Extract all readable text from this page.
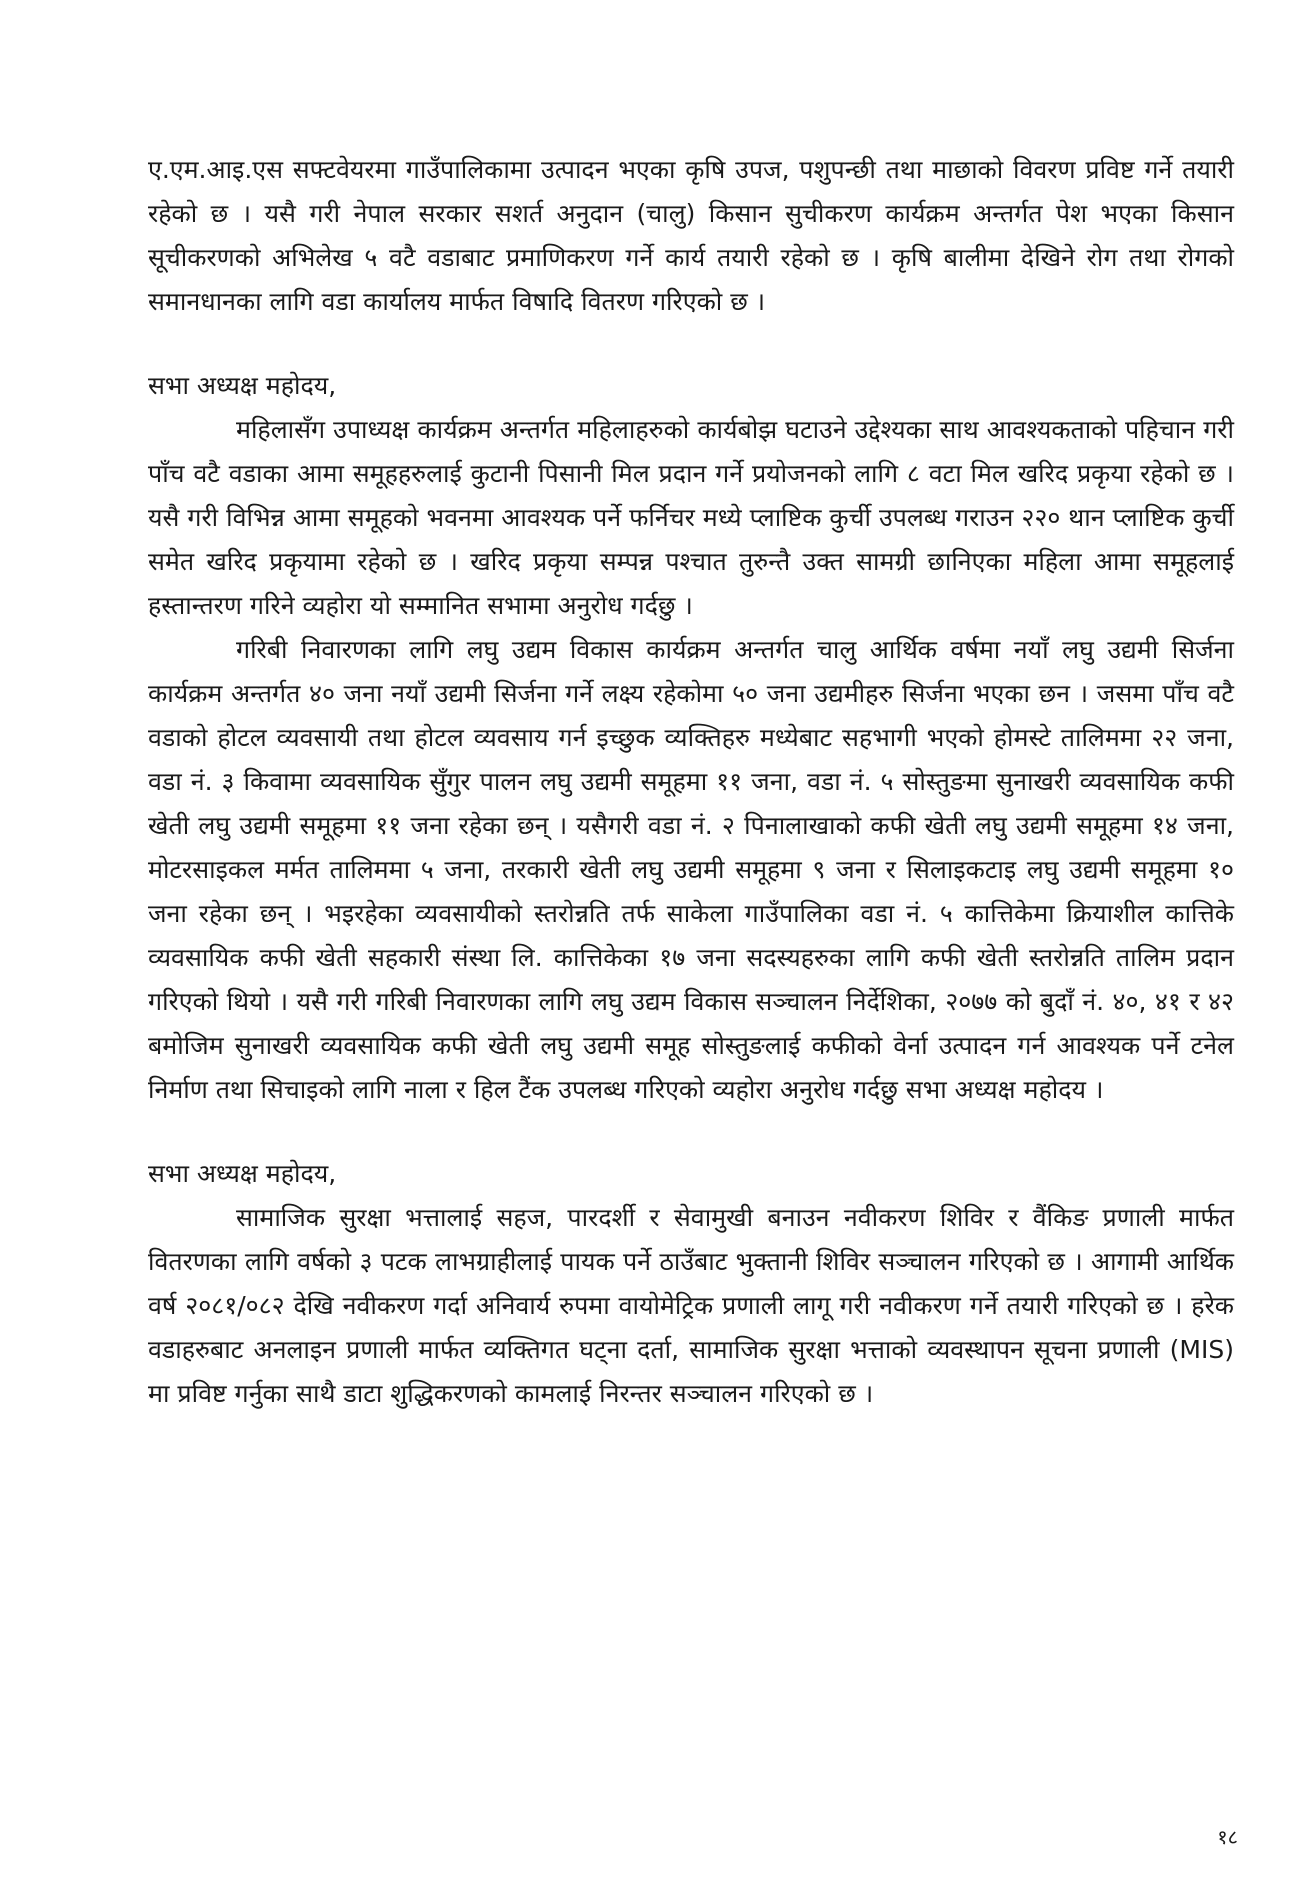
ए.एम.आइ.एस सफ्टवेयरमा गाउँपालिकामा उत्पादन भएका कृषि उपज, पशुपन्छी तथा माछाको विवरण प्रविष्ट गर्ने तयारी रहेको छ । यसै गरी नेपाल सरकार सशर्त अनुदान (चालु) किसान सुचीकरण कार्यक्रम अन्तर्गत पेश भएका किसान सूचीकरणको अभिलेख ५ वटै वडाबाट प्रमाणिकरण गर्ने कार्य तयारी रहेको छ । कृषि बालीमा देखिने रोग तथा रोगको समानधानका लागि वडा कार्यालय मार्फत विषादि वितरण गरिएको छ ।

सभा अध्यक्ष महोदय,

महिलासँग उपाध्यक्ष कार्यक्रम अन्तर्गत महिलाहरुको कार्यबोझ घटाउने उद्देश्यका साथ आवश्यकताको पहिचान गरी पाँच वटै वडाका आमा समूहहरुलाई कुटानी पिसानी मिल प्रदान गर्ने प्रयोजनको लागि ८ वटा मिल खरिद प्रकृया रहेको छ । यसै गरी विभिन्न आमा समूहको भवनमा आवश्यक पर्ने फर्निचर मध्ये प्लाष्टिक कुर्ची उपलब्ध गराउन २२० थान प्लाष्टिक कुर्ची समेत खरिद प्रकृयामा रहेको छ । खरिद प्रकृया सम्पन्न पश्चात तुरुन्तै उक्त सामग्री छानिएका महिला आमा समूहलाई हस्तान्तरण गरिने व्यहोरा यो सम्मानित सभामा अनुरोध गर्दछु ।

गरिबी निवारणका लागि लघु उद्यम विकास कार्यक्रम अन्तर्गत चालु आर्थिक वर्षमा नयाँ लघु उद्यमी सिर्जना कार्यक्रम अन्तर्गत ४० जना नयाँ उद्यमी सिर्जना गर्ने लक्ष्य रहेकोमा ५० जना उद्यमीहरु सिर्जना भएका छन । जसमा पाँच वटै वडाको होटल व्यवसायी तथा होटल व्यवसाय गर्न इच्छुक व्यक्तिहरु मध्येबाट सहभागी भएको होमस्टे तालिममा २२ जना, वडा नं. ३ किवामा व्यवसायिक सुँगुर पालन लघु उद्यमी समूहमा ११ जना, वडा नं. ५ सोस्तुङमा सुनाखरी व्यवसायिक कफी खेती लघु उद्यमी समूहमा ११ जना रहेका छन् । यसैगरी वडा नं. २ पिनालाखाको कफी खेती लघु उद्यमी समूहमा १४ जना, मोटरसाइकल मर्मत तालिममा ५ जना, तरकारी खेती लघु उद्यमी समूहमा ९ जना र सिलाइकटाइ लघु उद्यमी समूहमा १० जना रहेका छन् । भइरहेका व्यवसायीको स्तरोन्नति तर्फ साकेला गाउँपालिका वडा नं. ५ कात्तिकेमा क्रियाशील कात्तिके व्यवसायिक कफी खेती सहकारी संस्था लि. कात्तिकेका १७ जना सदस्यहरुका लागि कफी खेती स्तरोन्नति तालिम प्रदान गरिएको थियो । यसै गरी गरिबी निवारणका लागि लघु उद्यम विकास सञ्चालन निर्देशिका, २०७७ को बुदाँ नं. ४०, ४१ र ४२ बमोजिम सुनाखरी व्यवसायिक कफी खेती लघु उद्यमी समूह सोस्तुङलाई कफीको वेर्ना उत्पादन गर्न आवश्यक पर्ने टनेल निर्माण तथा सिचाइको लागि नाला र हिल टैंक उपलब्ध गरिएको व्यहोरा अनुरोध गर्दछु सभा अध्यक्ष महोदय ।

सभा अध्यक्ष महोदय,

सामाजिक सुरक्षा भत्तालाई सहज, पारदर्शी र सेवामुखी बनाउन नवीकरण शिविर र वैंकिङ प्रणाली मार्फत वितरणका लागि वर्षको ३ पटक लाभग्राहीलाई पायक पर्ने ठाउँबाट भुक्तानी शिविर सञ्चालन गरिएको छ । आगामी आर्थिक वर्ष २०८१/०८२ देखि नवीकरण गर्दा अनिवार्य रुपमा वायोमेट्रिक प्रणाली लागू गरी नवीकरण गर्ने तयारी गरिएको छ । हरेक वडाहरुबाट अनलाइन प्रणाली मार्फत व्यक्तिगत घट्ना दर्ता, सामाजिक सुरक्षा भत्ताको व्यवस्थापन सूचना प्रणाली (MIS) मा प्रविष्ट गर्नुका साथै डाटा शुद्धिकरणको कामलाई निरन्तर सञ्चालन गरिएको छ ।

१८
